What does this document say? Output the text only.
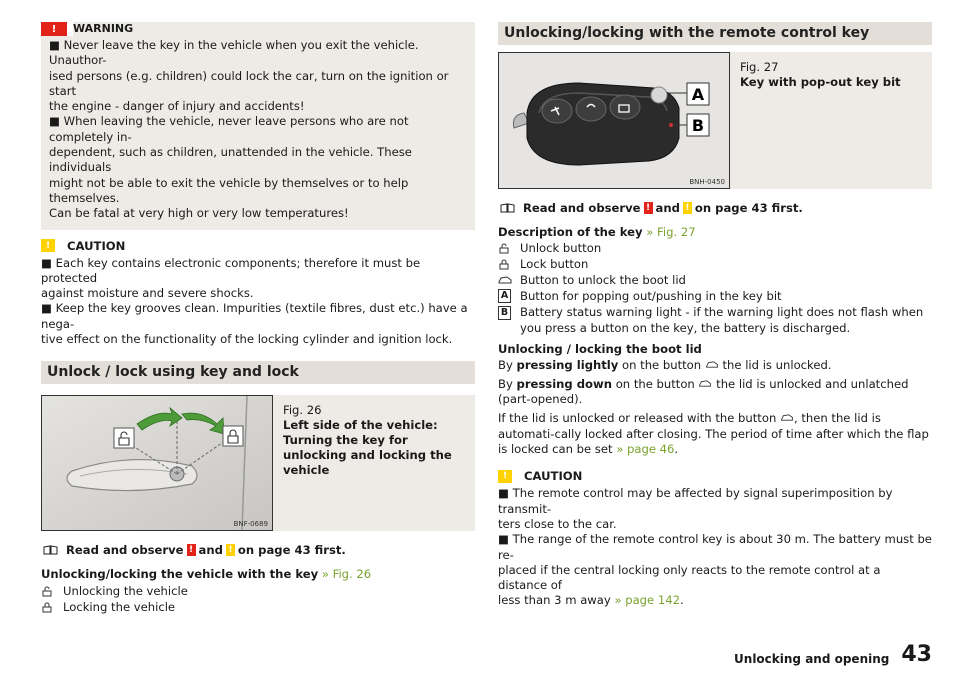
! WARNING

■ Never leave the key in the vehicle when you exit the vehicle. Unauthor-

ised persons (e.g. children) could lock the car, turn on the ignition or start

the engine - danger of injury and accidents!

■ When leaving the vehicle, never leave persons who are not completely in-

dependent, such as children, unattended in the vehicle. These individuals

might not be able to exit the vehicle by themselves or to help themselves.

Can be fatal at very high or very low temperatures!

!	CAUTION

■ Each key contains electronic components; therefore it must be protected

against moisture and severe shocks.

■ Keep the key grooves clean. Impurities (textile fibres, dust etc.) have a nega-

tive effect on the functionality of the locking cylinder and ignition lock.

Unlock / lock using key and lock
BNF-0689
Fig. 26
Left side of the vehicle: Turning the key for unlocking and locking the vehicle
Read and observe ! and ! on page 43 first.

Unlocking/locking the vehicle with the key » Fig. 26

Unlocking the vehicle
Locking the vehicle
Unlocking/locking with the remote control key
A
B
BNH-0450
Fig. 27
Key with pop-out key bit
Read and observe ! and ! on page 43 first.

Description of the key » Fig. 27

Unlock button
Lock button
Button to unlock the boot lid
A Button for popping out/pushing in the key bit
B Battery status warning light - if the warning light does not flash when you press a button on the key, the battery is discharged.

Unlocking / locking the boot lid

By pressing lightly on the button the lid is unlocked.

By pressing down on the button the lid is unlocked and unlatched (part-opened).

If the lid is unlocked or released with the button , then the lid is automati-cally locked after closing. The period of time after which the flap is locked can be set » page 46.

!	CAUTION

■ The remote control may be affected by signal superimposition by transmit-

ters close to the car.

■ The range of the remote control key is about 30 m. The battery must be re-

placed if the central locking only reacts to the remote control at a distance of

less than 3 m away » page 142.

Unlocking and opening 43
